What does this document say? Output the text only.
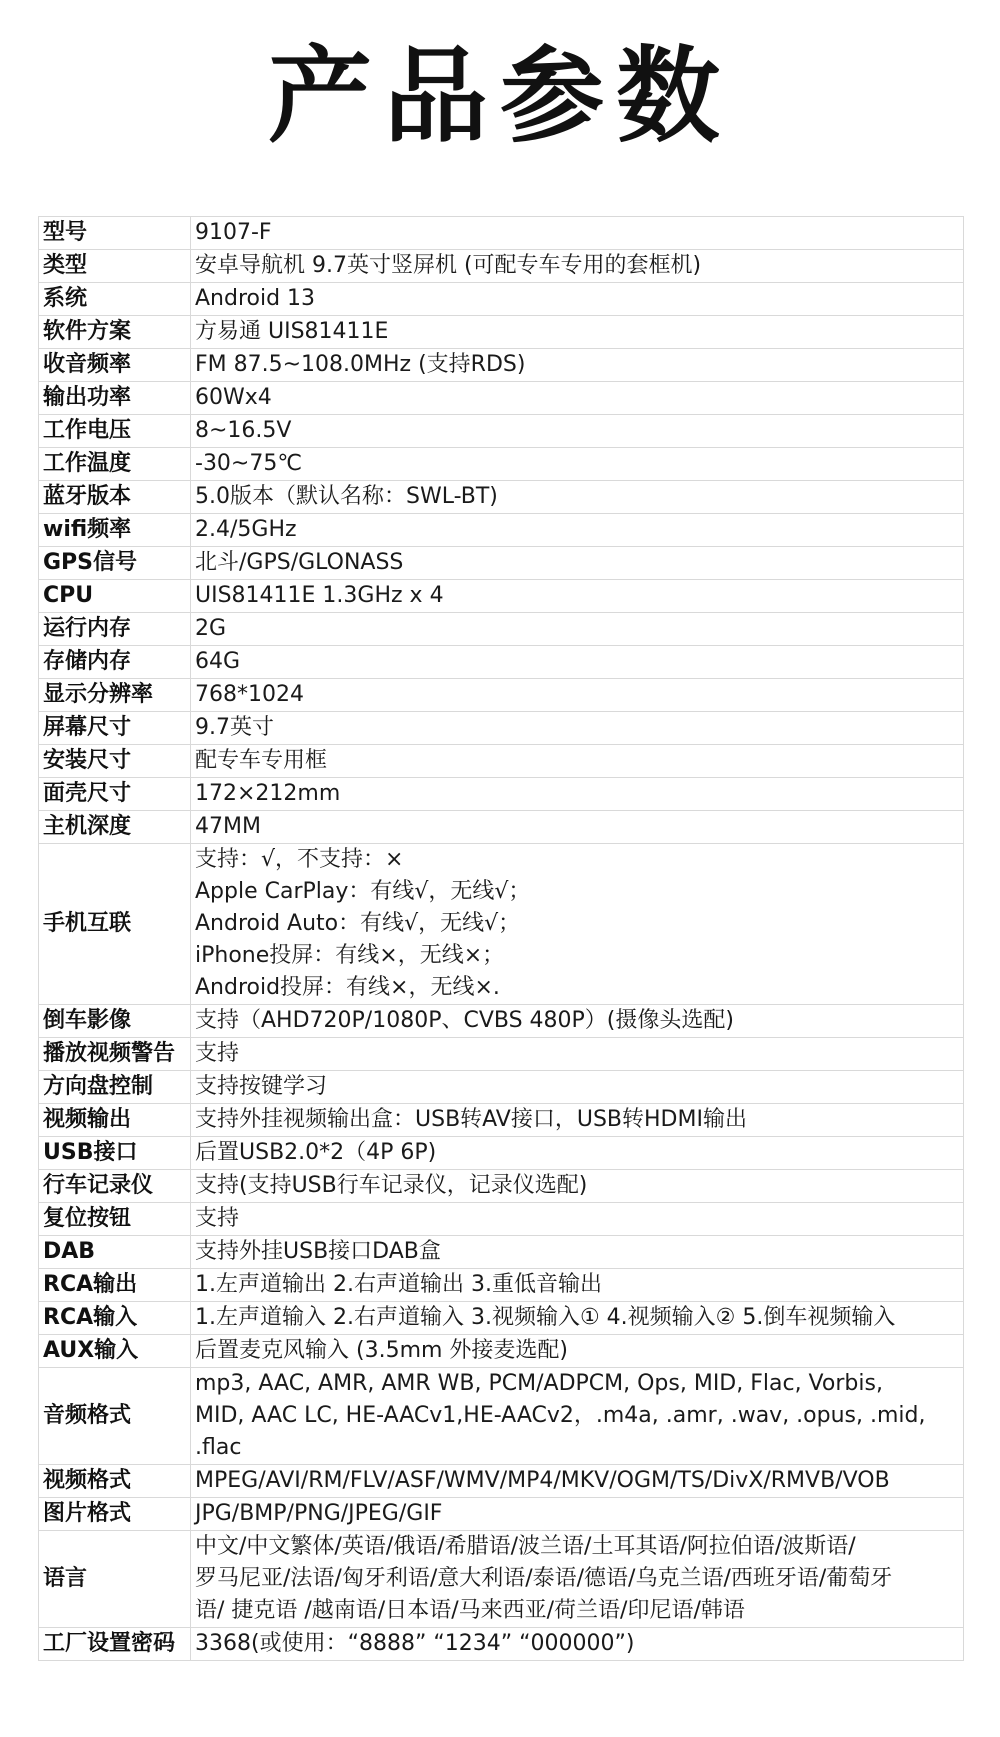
产品参数
型号	9107-F

类型	安卓导航机 9.7英寸竖屏机 (可配专车专用的套框机)

系统	Android 13

软件方案	方易通 UIS81411E

收音频率	FM 87.5~108.0MHz (支持RDS)

输出功率	60Wx4

工作电压	8~16.5V

工作温度	-30~75℃

蓝牙版本	5.0版本（默认名称：SWL-BT)

wifi频率	2.4/5GHz

GPS信号	北斗/GPS/GLONASS

CPU	UIS81411E 1.3GHz x 4

运行内存	2G

存储内存	64G

显示分辨率	768*1024

屏幕尺寸	9.7英寸

安装尺寸	配专车专用框

面壳尺寸	172×212mm

主机深度	47MM

手机互联	支持：√，不支持：×
Apple CarPlay：有线√，无线√；
Android Auto：有线√，无线√；
iPhone投屏：有线×，无线×；
Android投屏：有线×，无线×.

倒车影像	支持（AHD720P/1080P、CVBS 480P）(摄像头选配)

播放视频警告	支持

方向盘控制	支持按键学习

视频输出	支持外挂视频输出盒：USB转AV接口，USB转HDMI输出

USB接口	后置USB2.0*2（4P 6P)

行车记录仪	支持(支持USB行车记录仪，记录仪选配)

复位按钮	支持

DAB	支持外挂USB接口DAB盒

RCA输出	1.左声道输出 2.右声道输出 3.重低音输出

RCA输入	1.左声道输入 2.右声道输入 3.视频输入① 4.视频输入② 5.倒车视频输入

AUX输入	后置麦克风输入 (3.5mm 外接麦选配)

音频格式	mp3, AAC, AMR, AMR WB, PCM/ADPCM, Ops, MID, Flac, Vorbis,
MID, AAC LC, HE-AACv1,HE-AACv2，.m4a, .amr, .wav, .opus, .mid,
.flac

视频格式	MPEG/AVI/RM/FLV/ASF/WMV/MP4/MKV/OGM/TS/DivX/RMVB/VOB

图片格式	JPG/BMP/PNG/JPEG/GIF

语言	中文/中文繁体/英语/俄语/希腊语/波兰语/土耳其语/阿拉伯语/波斯语/
罗马尼亚/法语/匈牙利语/意大利语/泰语/德语/乌克兰语/西班牙语/葡萄牙
语/ 捷克语 /越南语/日本语/马来西亚/荷兰语/印尼语/韩语

工厂设置密码	3368(或使用：“8888” “1234” “000000”)
